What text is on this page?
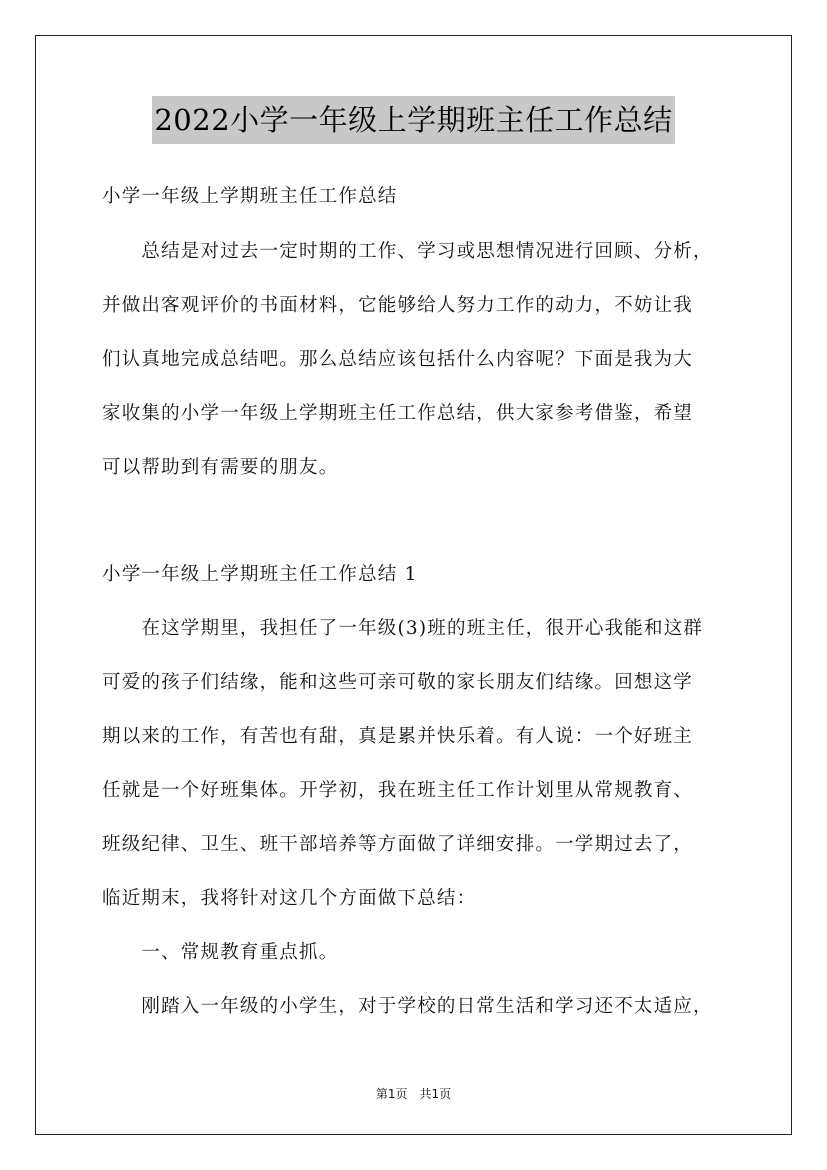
2022小学一年级上学期班主任工作总结
小学一年级上学期班主任工作总结
　　总结是对过去一定时期的工作、学习或思想情况进行回顾、分析，
并做出客观评价的书面材料，它能够给人努力工作的动力，不妨让我
们认真地完成总结吧。那么总结应该包括什么内容呢？下面是我为大
家收集的小学一年级上学期班主任工作总结，供大家参考借鉴，希望
可以帮助到有需要的朋友。
小学一年级上学期班主任工作总结 1
　　在这学期里，我担任了一年级(3)班的班主任，很开心我能和这群
可爱的孩子们结缘，能和这些可亲可敬的家长朋友们结缘。回想这学
期以来的工作，有苦也有甜，真是累并快乐着。有人说：一个好班主
任就是一个好班集体。开学初，我在班主任工作计划里从常规教育、
班级纪律、卫生、班干部培养等方面做了详细安排。一学期过去了，
临近期末，我将针对这几个方面做下总结：
　　一、常规教育重点抓。
　　刚踏入一年级的小学生，对于学校的日常生活和学习还不太适应，
第1页　共1页
